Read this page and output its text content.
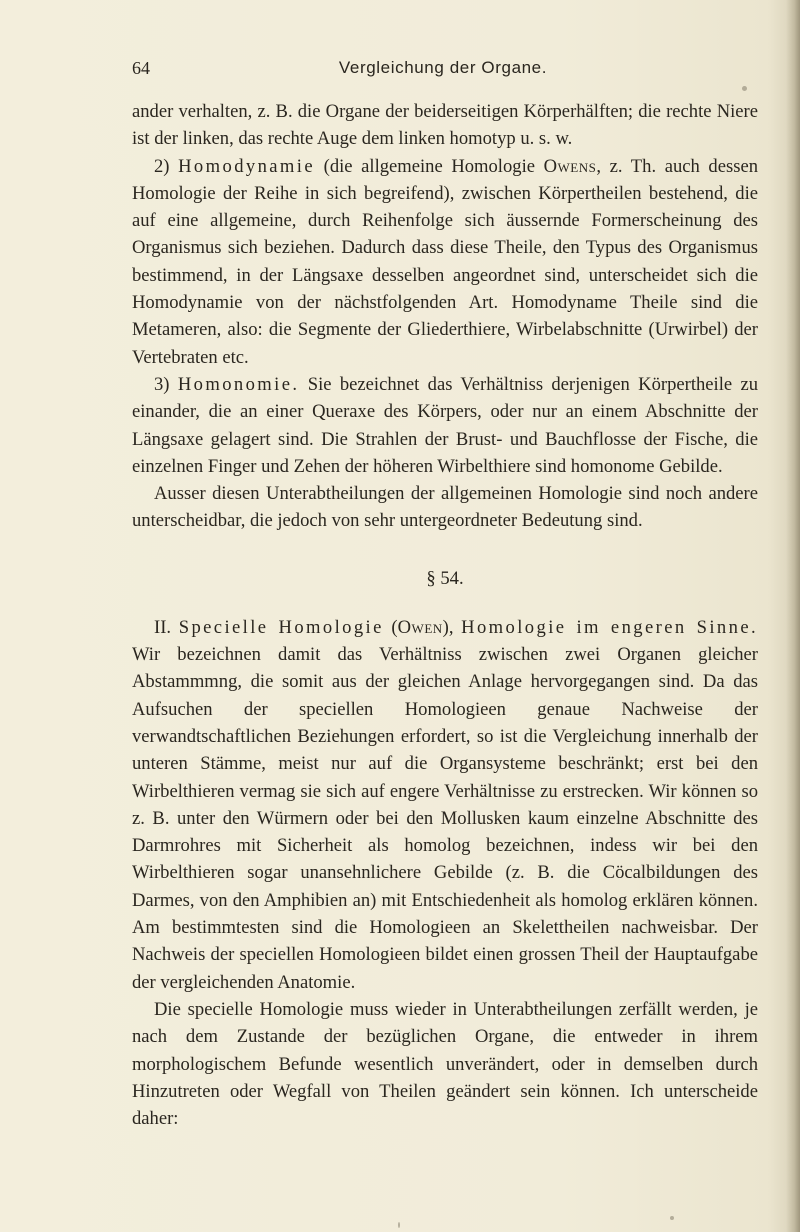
64	Vergleichung der Organe.

ander verhalten, z. B. die Organe der beiderseitigen Körperhälften; die rechte Niere ist der linken, das rechte Auge dem linken homotyp u. s. w.

2) Homodynamie (die allgemeine Homologie Owens, z. Th. auch dessen Homologie der Reihe in sich begreifend), zwischen Körpertheilen bestehend, die auf eine allgemeine, durch Reihenfolge sich äussernde Formerscheinung des Organismus sich beziehen. Dadurch dass diese Theile, den Typus des Organismus bestimmend, in der Längsaxe desselben angeordnet sind, unterscheidet sich die Homodynamie von der nächstfolgenden Art. Homodyname Theile sind die Metameren, also: die Segmente der Gliederthiere, Wirbelabschnitte (Urwirbel) der Vertebraten etc.

3) Homonomie. Sie bezeichnet das Verhältniss derjenigen Körpertheile zu einander, die an einer Queraxe des Körpers, oder nur an einem Abschnitte der Längsaxe gelagert sind. Die Strahlen der Brust- und Bauchflosse der Fische, die einzelnen Finger und Zehen der höheren Wirbelthiere sind homonome Gebilde.

Ausser diesen Unterabtheilungen der allgemeinen Homologie sind noch andere unterscheidbar, die jedoch von sehr untergeordneter Bedeutung sind.

§ 54.

II. Specielle Homologie (Owen), Homologie im engeren Sinne. Wir bezeichnen damit das Verhältniss zwischen zwei Organen gleicher Abstammmng, die somit aus der gleichen Anlage hervorgegangen sind. Da das Aufsuchen der speciellen Homologieen genaue Nachweise der verwandtschaftlichen Beziehungen erfordert, so ist die Vergleichung innerhalb der unteren Stämme, meist nur auf die Organsysteme beschränkt; erst bei den Wirbelthieren vermag sie sich auf engere Verhältnisse zu erstrecken. Wir können so z. B. unter den Würmern oder bei den Mollusken kaum einzelne Abschnitte des Darmrohres mit Sicherheit als homolog bezeichnen, indess wir bei den Wirbelthieren sogar unansehnlichere Gebilde (z. B. die Cöcalbildungen des Darmes, von den Amphibien an) mit Entschiedenheit als homolog erklären können. Am bestimmtesten sind die Homologieen an Skelettheilen nachweisbar. Der Nachweis der speciellen Homologieen bildet einen grossen Theil der Hauptaufgabe der vergleichenden Anatomie.

Die specielle Homologie muss wieder in Unterabtheilungen zerfällt werden, je nach dem Zustande der bezüglichen Organe, die entweder in ihrem morphologischem Befunde wesentlich unverändert, oder in demselben durch Hinzutreten oder Wegfall von Theilen geändert sein können. Ich unterscheide daher:
